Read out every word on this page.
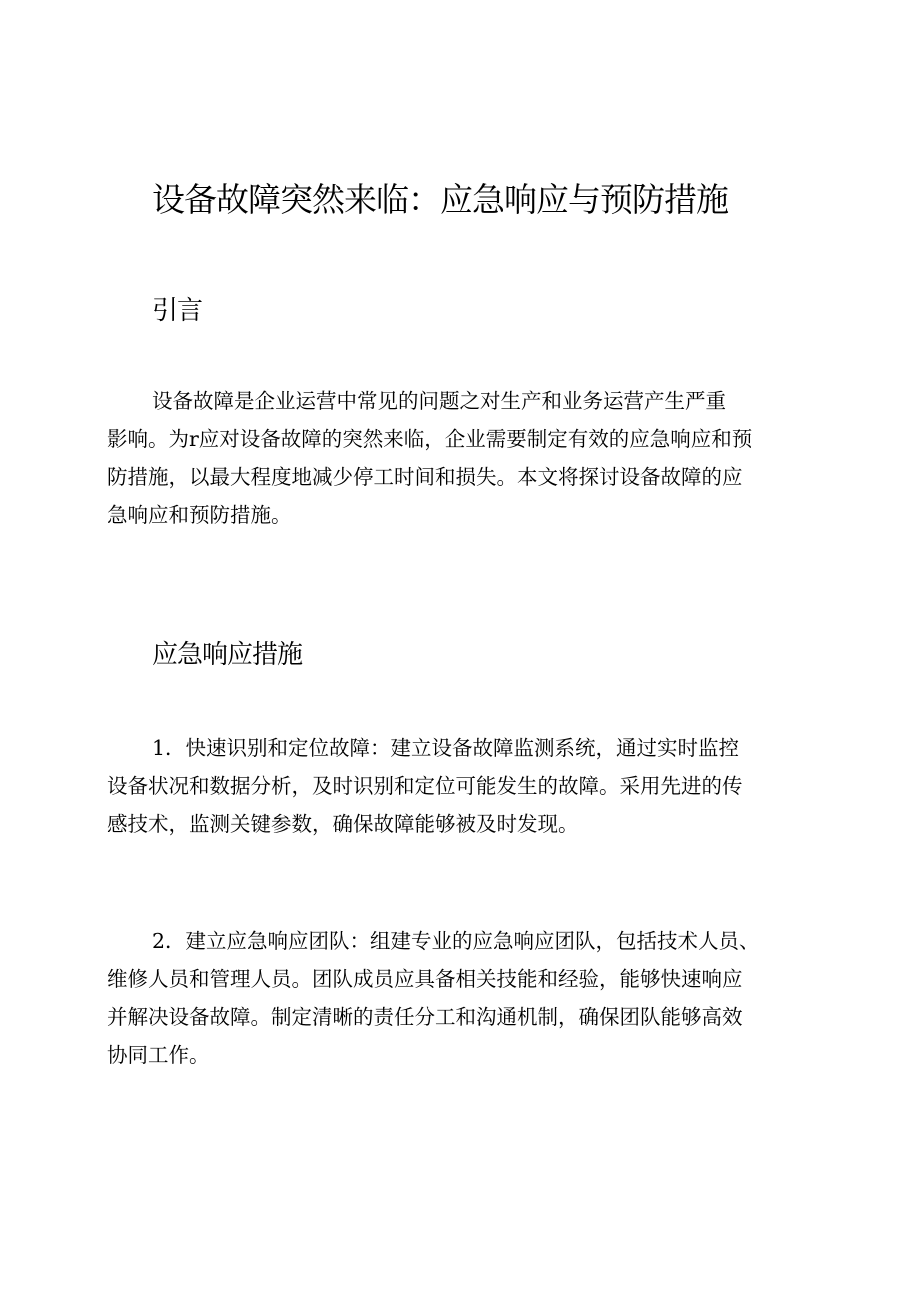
设备故障突然来临：应急响应与预防措施
引言
设备故障是企业运营中常见的问题之对生产和业务运营产生严重
影响。为r应对设备故障的突然来临，企业需要制定有效的应急响应和预
防措施，以最大程度地减少停工时间和损失。本文将探讨设备故障的应
急响应和预防措施。
应急响应措施
1．快速识别和定位故障：建立设备故障监测系统，通过实时监控
设备状况和数据分析，及时识别和定位可能发生的故障。采用先进的传
感技术，监测关键参数，确保故障能够被及时发现。
2．建立应急响应团队：组建专业的应急响应团队，包括技术人员、
维修人员和管理人员。团队成员应具备相关技能和经验，能够快速响应
并解决设备故障。制定清晰的责任分工和沟通机制，确保团队能够高效
协同工作。
